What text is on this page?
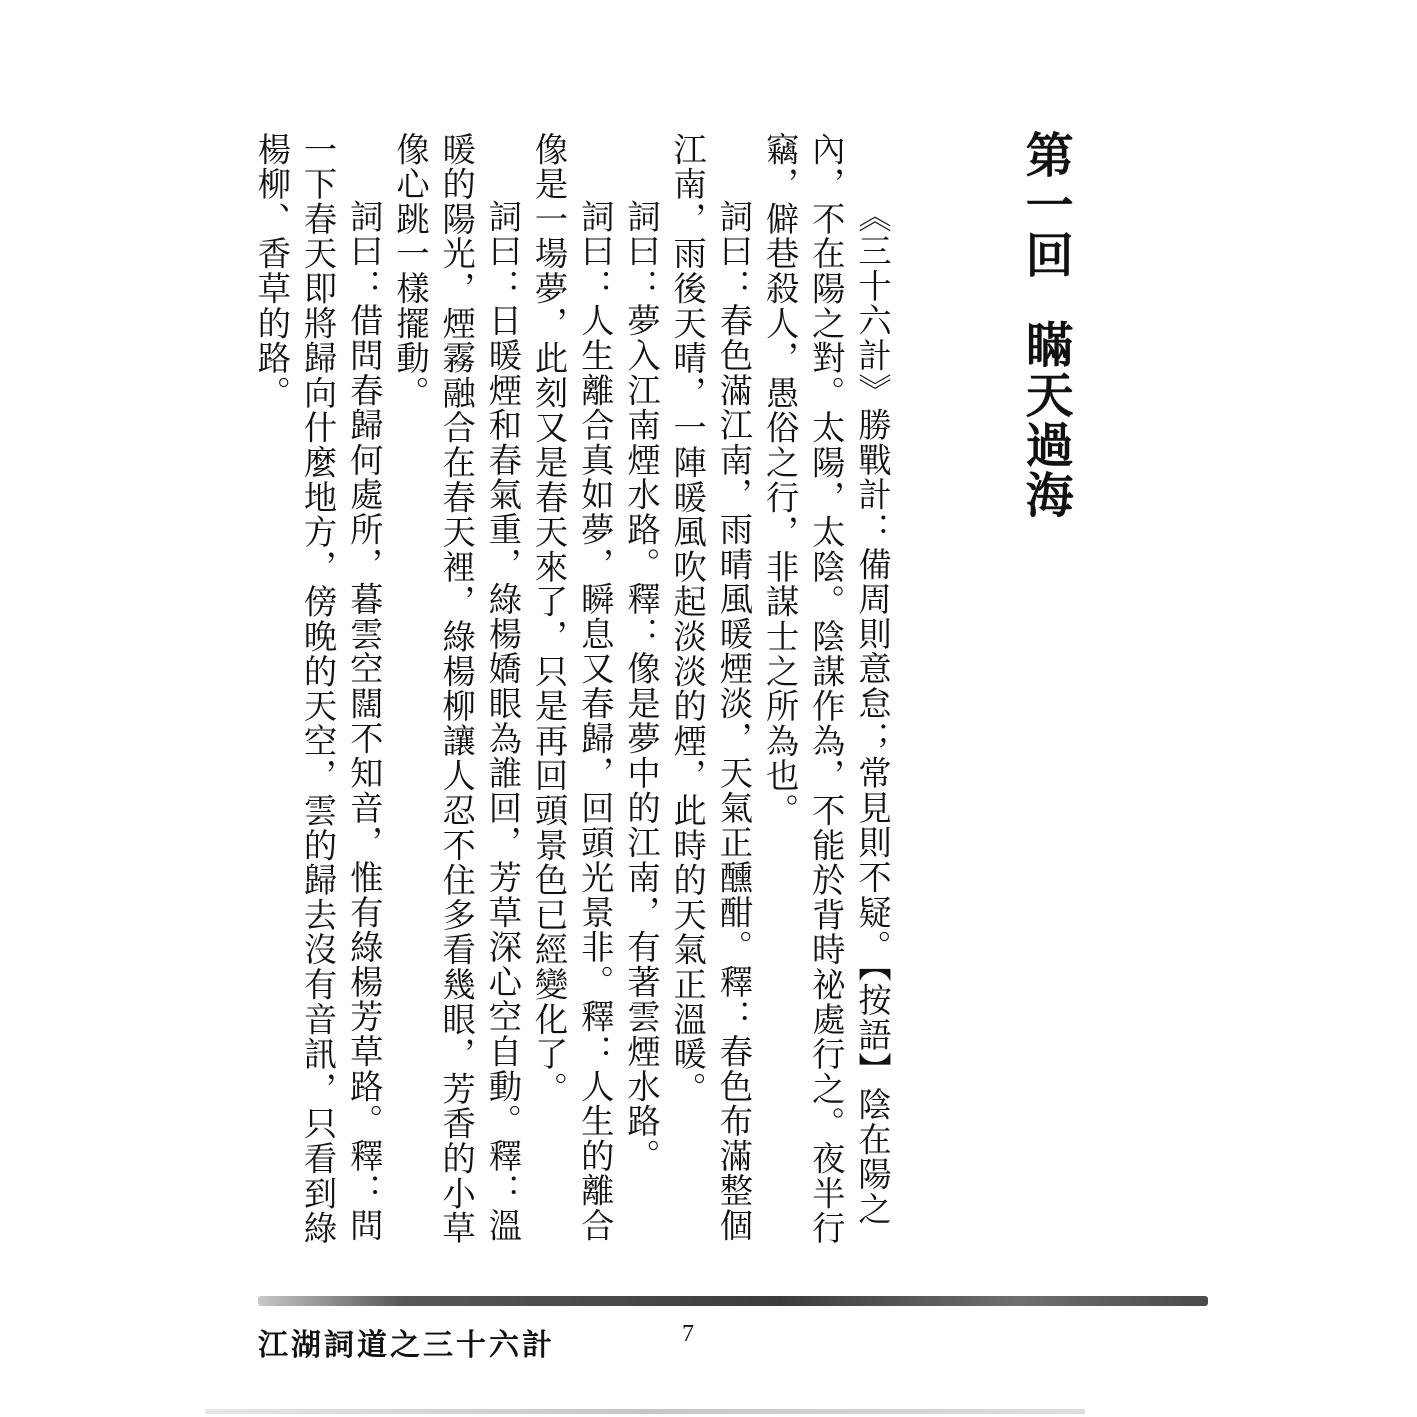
第一回瞞天過海

《三十六計》勝戰計：備周則意怠；常見則不疑。【按語】陰在陽之內，不在陽之對。太陽，太陰。陰謀作為，不能於背時祕處行之。夜半行竊，僻巷殺人，愚俗之行，非謀士之所為也。

詞曰：春色滿江南，雨晴風暖煙淡，天氣正醺酣。釋：春色布滿整個江南，雨後天晴，一陣暖風吹起淡淡的煙，此時的天氣正溫暖。

詞曰：夢入江南煙水路。釋：像是夢中的江南，有著雲煙水路。

詞曰：人生離合真如夢，瞬息又春歸，回頭光景非。釋：人生的離合像是一場夢，此刻又是春天來了，只是再回頭景色已經變化了。

詞曰：日暖煙和春氣重，綠楊嬌眼為誰回，芳草深心空自動。釋：溫暖的陽光，煙霧融合在春天裡，綠楊柳讓人忍不住多看幾眼，芳香的小草像心跳一樣擺動。

詞曰：借問春歸何處所，暮雲空闊不知音，惟有綠楊芳草路。釋：問一下春天即將歸向什麼地方，傍晚的天空，雲的歸去沒有音訊，只看到綠楊柳、香草的路。

江湖詞道之三十六計	7
